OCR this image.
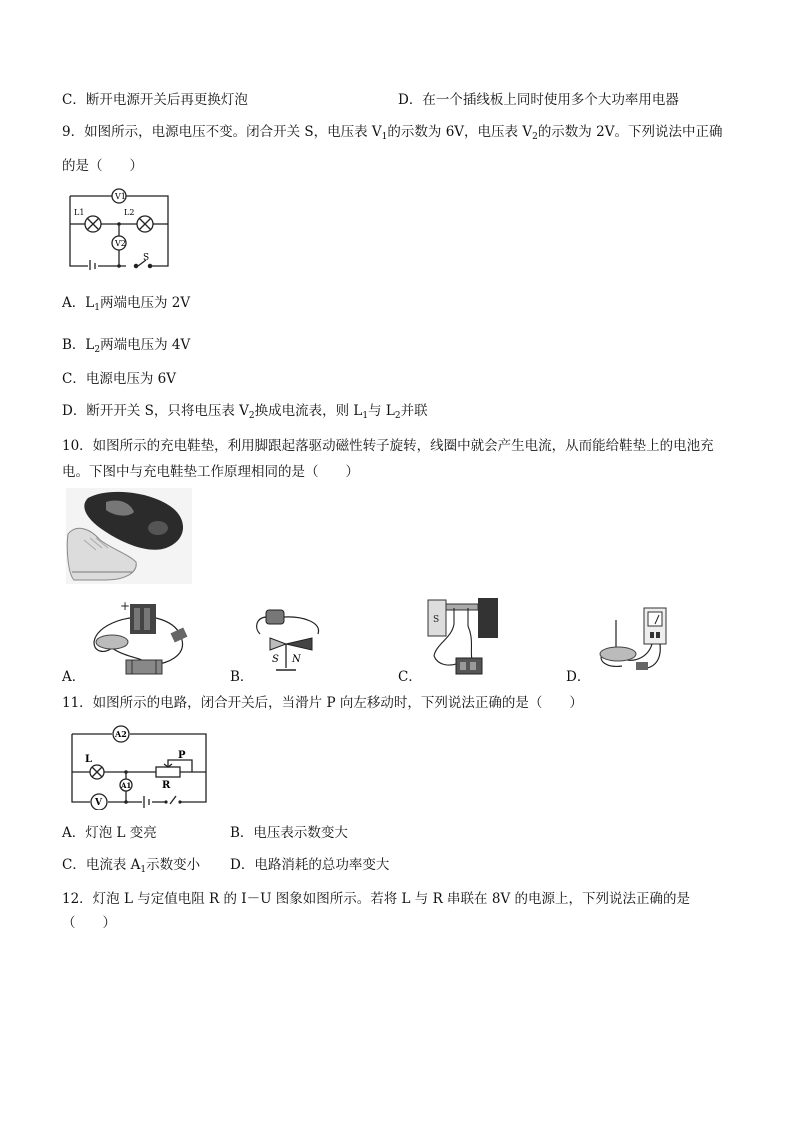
C．断开电源开关后再更换灯泡	D．在一个插线板上同时使用多个大功率用电器
9．如图所示，电源电压不变。闭合开关 S，电压表 $V_1$的示数为 6V，电压表 $V_2$的示数为 2V。下列说法中正确
的是（　　）
V1
V2
L1	L2
S
A．$L_1$两端电压为 2V
B．$L_2$两端电压为 4V
C．电源电压为 6V
D．断开开关 S，只将电压表 $V_2$换成电流表，则 $L_1$与 $L_2$并联
10．如图所示的充电鞋垫，利用脚跟起落驱动磁性转子旋转，线圈中就会产生电流，从而能给鞋垫上的电池充
电。下图中与充电鞋垫工作原理相同的是（　　）
+
A．
S N
B．
S
C．	D．
11．如图所示的电路，闭合开关后，当滑片 P 向左移动时，下列说法正确的是（　　）
A2
L	P
A1	R
V
A．灯泡 L 变亮	B．电压表示数变大
C．电流表 $A_1$示数变小 D．电路消耗的总功率变大
12．灯泡 L 与定值电阻 R 的 I－U 图象如图所示。若将 L 与 R 串联在 8V 的电源上，下列说法正确的是
（　　）
